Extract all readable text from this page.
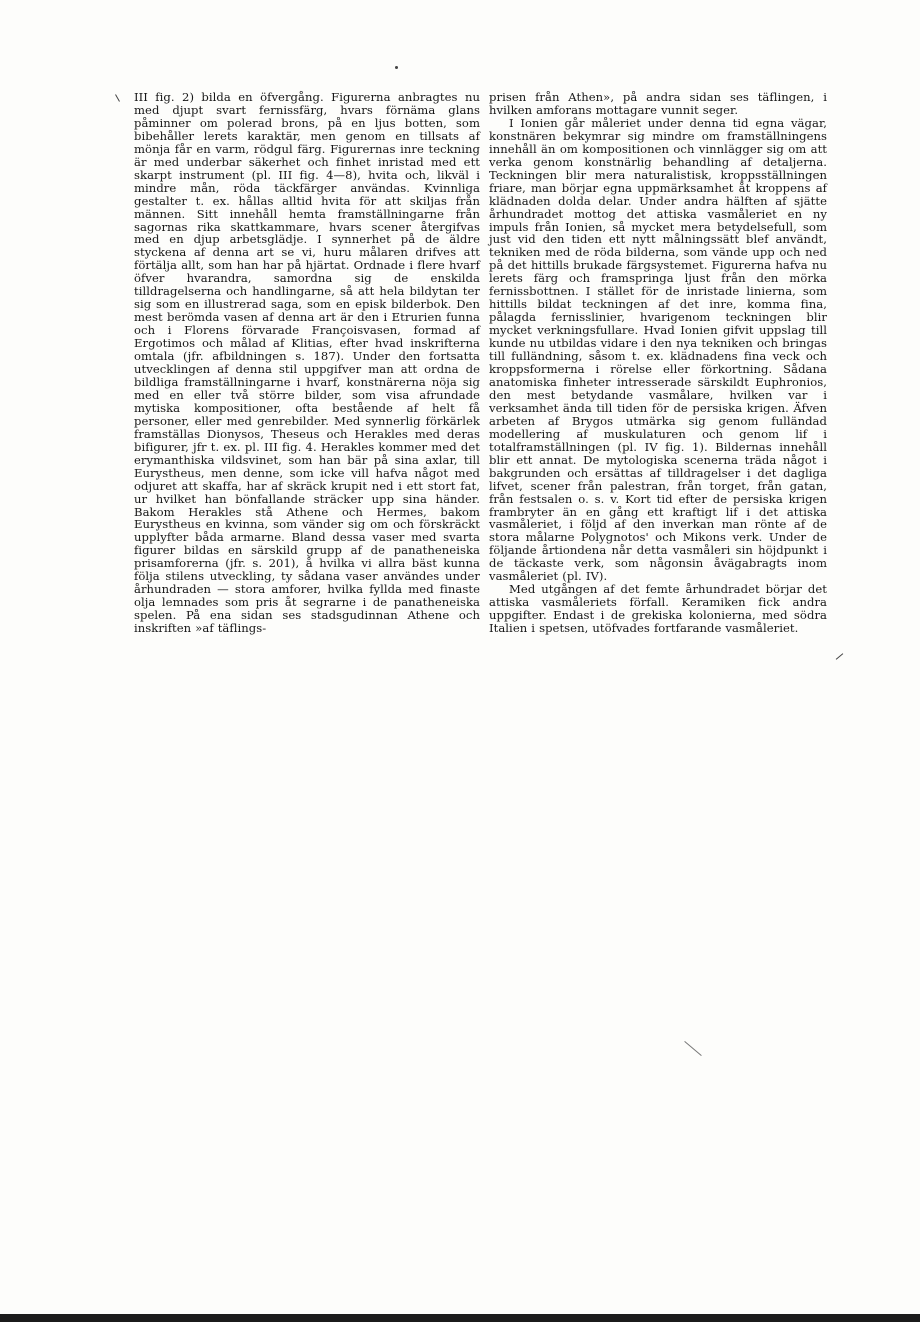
III fig. 2) bilda en öfvergång. Figurerna anbragtes nu med djupt svart fernissfärg, hvars förnäma glans påminner om polerad brons, på en ljus botten, som bibehåller lerets karaktär, men genom en tillsats af mönja får en varm, rödgul färg. Figurernas inre teckning är med underbar säkerhet och finhet inristad med ett skarpt instrument (pl. III fig. 4—8), hvita och, likväl i mindre mån, röda täckfärger användas. Kvinnliga gestalter t. ex. hållas alltid hvita för att skiljas från männen. Sitt innehåll hemta framställningarne från sagornas rika skattkammare, hvars scener återgifvas med en djup arbetsglädje. I synnerhet på de äldre styckena af denna art se vi, huru målaren drifves att förtälja allt, som han har på hjärtat. Ordnade i flere hvarf öfver hvarandra, samordna sig de enskilda tilldragelserna och handlingarne, så att hela bildytan ter sig som en illustrerad saga, som en episk bilderbok. Den mest berömda vasen af denna art är den i Etrurien funna och i Florens förvarade Françoisvasen, formad af Ergotimos och målad af Klitias, efter hvad inskrifterna omtala (jfr. afbildningen s. 187). Under den fortsatta utvecklingen af denna stil uppgifver man att ordna de bildliga framställningarne i hvarf, konstnärerna nöja sig med en eller två större bilder, som visa afrundade mytiska kompositioner, ofta bestående af helt få personer, eller med genrebilder. Med synnerlig förkärlek framställas Dionysos, Theseus och Herakles med deras bifigurer, jfr t. ex. pl. III fig. 4. Herakles kommer med det erymanthiska vildsvinet, som han bär på sina axlar, till Eurystheus, men denne, som icke vill hafva något med odjuret att skaffa, har af skräck krupit ned i ett stort fat, ur hvilket han bönfallande sträcker upp sina händer. Bakom Herakles stå Athene och Hermes, bakom Eurystheus en kvinna, som vänder sig om och förskräckt upplyfter båda armarne. Bland dessa vaser med svarta figurer bildas en särskild grupp af de panatheneiska prisamforerna (jfr. s. 201), å hvilka vi allra bäst kunna följa stilens utveckling, ty sådana vaser användes under århundraden — stora amforer, hvilka fyllda med finaste olja lemnades som pris åt segrarne i de panatheneiska spelen. På ena sidan ses stadsgudinnan Athene och inskriften »af täflings-

prisen från Athen», på andra sidan ses täflingen, i hvilken amforans mottagare vunnit seger.

I Ionien går måleriet under denna tid egna vägar, konstnären bekymrar sig mindre om framställningens innehåll än om kompositionen och vinnlägger sig om att verka genom konstnärlig behandling af detaljerna. Teckningen blir mera naturalistisk, kroppsställningen friare, man börjar egna uppmärksamhet åt kroppens af klädnaden dolda delar. Under andra hälften af sjätte århundradet mottog det attiska vasmåleriet en ny impuls från Ionien, så mycket mera betydelsefull, som just vid den tiden ett nytt målningssätt blef användt, tekniken med de röda bilderna, som vände upp och ned på det hittills brukade färgsystemet. Figurerna hafva nu lerets färg och framspringa ljust från den mörka fernissbottnen. I stället för de inristade linierna, som hittills bildat teckningen af det inre, komma fina, pålagda fernisslinier, hvarigenom teckningen blir mycket verkningsfullare. Hvad Ionien gifvit uppslag till kunde nu utbildas vidare i den nya tekniken och bringas till fulländning, såsom t. ex. klädnadens fina veck och kroppsformerna i rörelse eller förkortning. Sådana anatomiska finheter intresserade särskildt Euphronios, den mest betydande vasmålare, hvilken var i verksamhet ända till tiden för de persiska krigen. Äfven arbeten af Brygos utmärka sig genom fulländad modellering af muskulaturen och genom lif i totalframställningen (pl. IV fig. 1). Bildernas innehåll blir ett annat. De mytologiska scenerna träda något i bakgrunden och ersättas af tilldragelser i det dagliga lifvet, scener från palestran, från torget, från gatan, från festsalen o. s. v. Kort tid efter de persiska krigen frambryter än en gång ett kraftigt lif i det attiska vasmåleriet, i följd af den inverkan man rönte af de stora målarne Polygnotos' och Mikons verk. Under de följande årtiondena når detta vasmåleri sin höjdpunkt i de täckaste verk, som någonsin åvägabragts inom vasmåleriet (pl. IV).

Med utgången af det femte århundradet börjar det attiska vasmåleriets förfall. Keramiken fick andra uppgifter. Endast i de grekiska kolonierna, med södra Italien i spetsen, utöfvades fortfarande vasmåleriet.
